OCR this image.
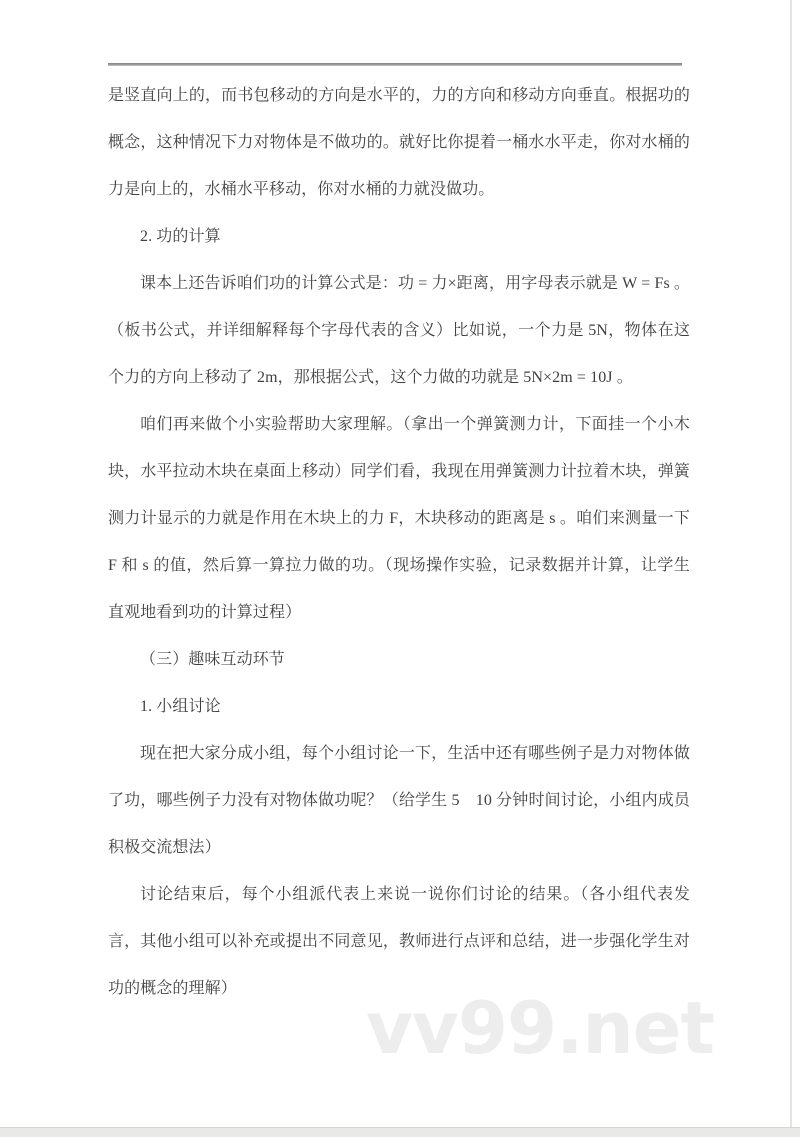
是竖直向上的，而书包移动的方向是水平的，力的方向和移动方向垂直。根据功的概念，这种情况下力对物体是不做功的。就好比你提着一桶水水平走，你对水桶的力是向上的，水桶水平移动，你对水桶的力就没做功。
2. 功的计算
课本上还告诉咱们功的计算公式是：功 = 力×距离，用字母表示就是 W = Fs 。（板书公式，并详细解释每个字母代表的含义）比如说，一个力是 5N，物体在这个力的方向上移动了 2m，那根据公式，这个力做的功就是 5N×2m = 10J 。
咱们再来做个小实验帮助大家理解。（拿出一个弹簧测力计，下面挂一个小木块，水平拉动木块在桌面上移动）同学们看，我现在用弹簧测力计拉着木块，弹簧测力计显示的力就是作用在木块上的力 F，木块移动的距离是 s 。咱们来测量一下 F 和 s 的值，然后算一算拉力做的功。（现场操作实验，记录数据并计算，让学生直观地看到功的计算过程）
（三）趣味互动环节
1. 小组讨论
现在把大家分成小组，每个小组讨论一下，生活中还有哪些例子是力对物体做了功，哪些例子力没有对物体做功呢？（给学生 5　10 分钟时间讨论，小组内成员积极交流想法）
讨论结束后，每个小组派代表上来说一说你们讨论的结果。（各小组代表发言，其他小组可以补充或提出不同意见，教师进行点评和总结，进一步强化学生对功的概念的理解）	vv99.net
